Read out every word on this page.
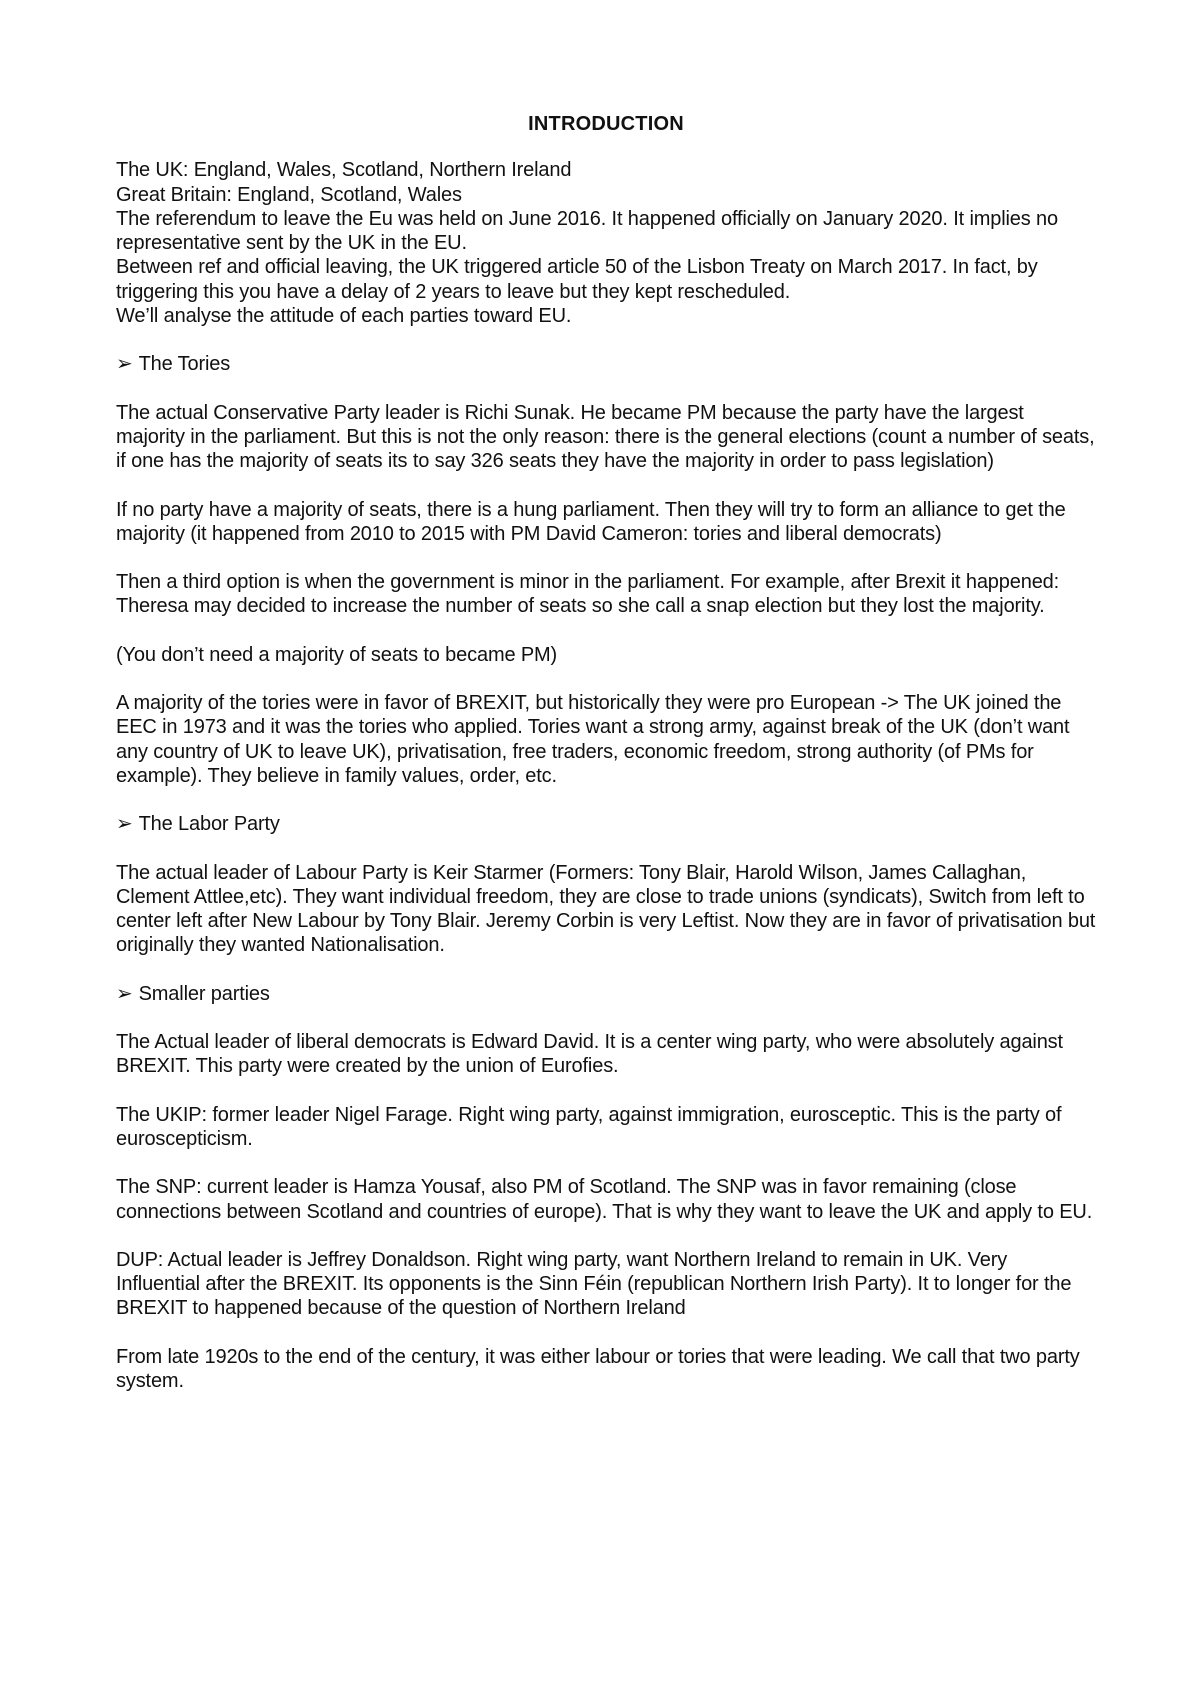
INTRODUCTION

The UK: England, Wales, Scotland, Northern Ireland

Great Britain: England, Scotland, Wales

The referendum to leave the Eu was held on June 2016. It happened officially on January 2020. It implies no representative sent by the UK in the EU.

Between ref and official leaving, the UK triggered article 50 of the Lisbon Treaty on March 2017. In fact, by triggering this you have a delay of 2 years to leave but they kept rescheduled.

We’ll analyse the attitude of each parties toward EU.

➢ The Tories

The actual Conservative Party leader is Richi Sunak. He became PM because the party have the largest majority in the parliament. But this is not the only reason: there is the general elections (count a number of seats, if one has the majority of seats its to say 326 seats they have the majority in order to pass legislation)

If no party have a majority of seats, there is a hung parliament. Then they will try to form an alliance to get the majority (it happened from 2010 to 2015 with PM David Cameron: tories and liberal democrats)

Then a third option is when the government is minor in the parliament. For example, after Brexit it happened: Theresa may decided to increase the number of seats so she call a snap election but they lost the majority.

(You don’t need a majority of seats to became PM)

A majority of the tories were in favor of BREXIT, but historically they were pro European -> The UK joined the EEC in 1973 and it was the tories who applied. Tories want a strong army, against break of the UK (don’t want any country of UK to leave UK), privatisation, free traders, economic freedom, strong authority (of PMs for example). They believe in family values, order, etc.

➢ The Labor Party

The actual leader of Labour Party is Keir Starmer (Formers: Tony Blair, Harold Wilson, James Callaghan, Clement Attlee,etc). They want individual freedom, they are close to trade unions (syndicats), Switch from left to center left after New Labour by Tony Blair. Jeremy Corbin is very Leftist. Now they are in favor of privatisation but originally they wanted Nationalisation.

➢ Smaller parties

The Actual leader of liberal democrats is Edward David. It is a center wing party, who were absolutely against BREXIT. This party were created by the union of Eurofies.

The UKIP: former leader Nigel Farage. Right wing party, against immigration, eurosceptic. This is the party of euroscepticism.

The SNP: current leader is Hamza Yousaf, also PM of Scotland. The SNP was in favor remaining (close connections between Scotland and countries of europe). That is why they want to leave the UK and apply to EU.

DUP: Actual leader is Jeffrey Donaldson. Right wing party, want Northern Ireland to remain in UK. Very Influential after the BREXIT. Its opponents is the Sinn Féin (republican Northern Irish Party). It to longer for the BREXIT to happened because of the question of Northern Ireland

From late 1920s to the end of the century, it was either labour or tories that were leading. We call that two party system.
